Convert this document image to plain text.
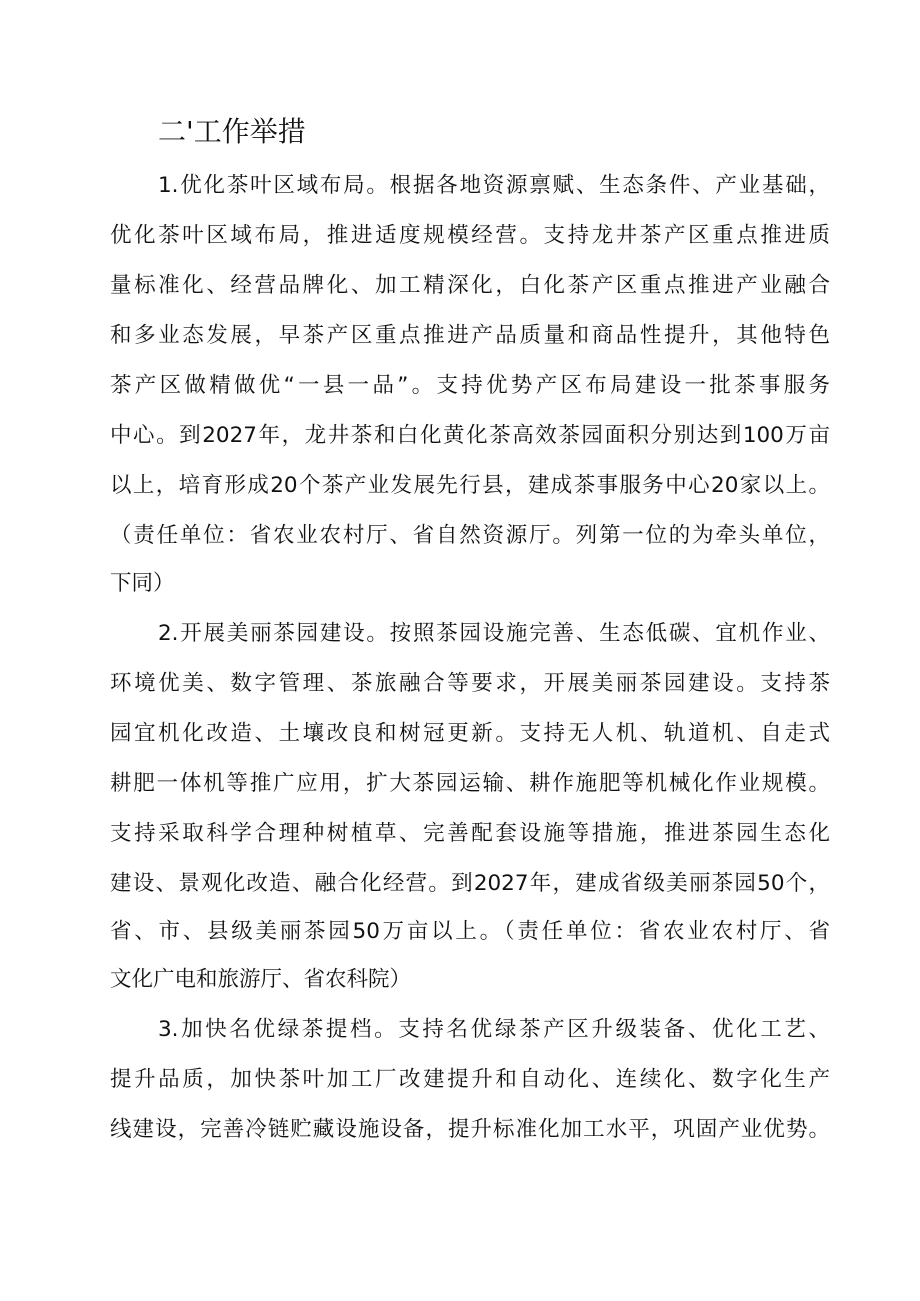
二'工作举措
1.优化茶叶区域布局。根据各地资源禀赋、生态条件、产业基础，
优化茶叶区域布局，推进适度规模经营。支持龙井茶产区重点推进质
量标准化、经营品牌化、加工精深化，白化茶产区重点推进产业融合
和多业态发展，早茶产区重点推进产品质量和商品性提升，其他特色
茶产区做精做优“一县一品”。支持优势产区布局建设一批茶事服务
中心。到2027年，龙井茶和白化黄化茶高效茶园面积分别达到100万亩
以上，培育形成20个茶产业发展先行县，建成茶事服务中心20家以上。
（责任单位：省农业农村厅、省自然资源厅。列第一位的为牵头单位，
下同）
2.开展美丽茶园建设。按照茶园设施完善、生态低碳、宜机作业、
环境优美、数字管理、茶旅融合等要求，开展美丽茶园建设。支持茶
园宜机化改造、土壤改良和树冠更新。支持无人机、轨道机、自走式
耕肥一体机等推广应用，扩大茶园运输、耕作施肥等机械化作业规模。
支持采取科学合理种树植草、完善配套设施等措施，推进茶园生态化
建设、景观化改造、融合化经营。到2027年，建成省级美丽茶园50个，
省、市、县级美丽茶园50万亩以上。（责任单位：省农业农村厅、省
文化广电和旅游厅、省农科院）
3.加快名优绿茶提档。支持名优绿茶产区升级装备、优化工艺、
提升品质，加快茶叶加工厂改建提升和自动化、连续化、数字化生产
线建设，完善冷链贮藏设施设备，提升标准化加工水平，巩固产业优势。
